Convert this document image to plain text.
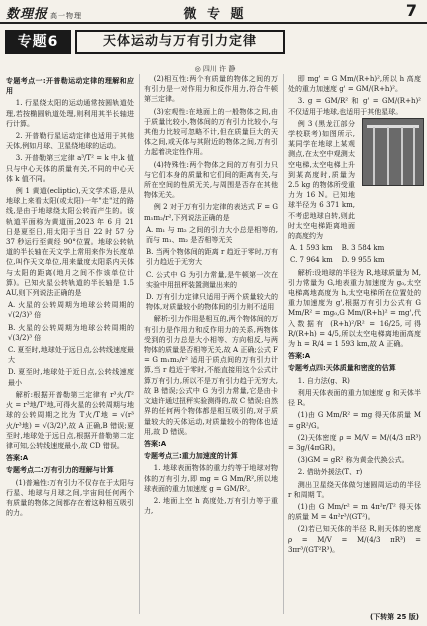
数理报 高一物理	微 专 题	7
专题6	天体运动与万有引力定律
◎ 四川 许 静

专题考点一:开普勒运动定律的理解和应用

1. 行星绕太阳的运动通常按圆轨道处理,若按椭圆轨道处理,则利用其半长轴进行计算。

2. 开普勒行星运动定律也适用于其他天体,例如月球、卫星绕地球的运动。

3. 开普勒第三定律 a³/T² = k 中,k 值只与中心天体的质量有关,不同的中心天体 k 值不同。

例 1 黄道(ecliptic),天文学术语,是从地球上来看太阳(或太阳)一年"走"过的路线,是由于地球绕太阳公转而产生的。该轨道平面称为黄道面,2023 年 6 月 21 日是夏至日,用太阳于当日 22 时 57 分 37 秒运行至黄经 90°位置。地球公转轨道的半长轴在天文学上常用来作为长度单位,叫作天文单位,用来量度太阳系内天体与太阳的距离(地月之间不作该单位计算)。已知火星公转轨道的半长轴是 1.5 AU,则下列说法正确的是

A. 火星的公转周期为地球公转周期的 √(2/3)³ 倍

B. 火星的公转周期为地球公转周期的 √(3/2)³ 倍

C. 夏至时,地球处于远日点,公转线速度最大

D. 夏至时,地球处于近日点,公转线速度最小

解析:根据开普勒第三定律有 r³火/T²火 = r³地/T²地,可得火星的公转周期与地球的公转周期之比为 T火/T地 = √(r³火/r³地) = √(3/2)³,故 A 正确,B 错误;夏至时,地球处于远日点,根据开普勒第二定律可知,公转线速度最小,故 CD 错误。

答案:A

专题考点二:万有引力的理解与计算

(1)普遍性:万有引力不仅存在于太阳与行星、地球与月球之间,宇宙间任何两个有质量的物体之间都存在着这种相互吸引的力。

(2)相互性:两个有质量的物体之间的万有引力是一对作用力和反作用力,符合牛顿第三定律。

(3)宏观性:在地面上的一般物体之间,由于质量比较小,物体间的万有引力比较小,与其他力比较可忽略不计,但在质量巨大的天体之间,或天体与其附近的物体之间,万有引力起着决定性作用。

(4)特殊性:两个物体之间的万有引力只与它们本身的质量和它们间的距离有关,与所在空间的性质无关,与周围是否存在其他物体无关。

例 2 对于万有引力定律的表达式 F = G m₁m₂/r²,下列说法正确的是

A. m₁ 与 m₂ 之间的引力大小总是相等的,而与 m₁、m₂ 是否相等无关

B. 当两个物体间的距离 r 趋近于零时,万有引力趋近于无穷大

C. 公式中 G 为引力常量,是牛顿第一次在实验中用扭秤装置测量出来的

D. 万有引力定律只适用于两个质量较大的物体,对质量较小的物体间的引力则不适用

解析:引力作用是相互的,两个物体间的万有引力是作用力和反作用力的关系,两物体受到的引力总是大小相等、方向相反,与两物体的质量是否相等无关,故 A 正确;公式 F = G m₁m₂/r² 适用于质点间的万有引力计算,当 r 趋近于零时,不能直接用这个公式计算万有引力,所以不是万有引力趋于无穷大,故 B 错误;公式中 G 为引力常量,它是由卡文迪许通过扭秤实验测得的,故 C 错误;自然界的任何两个物体都是相互吸引的,对于质量较大的天体运动,对质量较小的物体也适用,故 D 错误。

答案:A

专题考点三:重力加速度的计算

1. 地球表面物体的重力约等于地球对物体的万有引力,即 mg = G Mm/R²,所以地球表面的重力加速度 g = GM/R²。

2. 地面上空 h 高度处,万有引力等于重力,

即 mg' = G Mm/(R+h)²,所以 h 高度处的重力加速度 g' = GM/(R+h)²。

3. g = GM/R² 和 g' = GM/(R+h)² 不仅适用于地球,也适用于其他星球。

例 3 (黑龙江部分学校联考)如图所示,某同学在地球上某观测点,在太空中观测太空电梯,太空电梯上升到某高度时,质量为 2.5 kg 的物体所受重力为 16 N。已知地球半径为 6 371 km,不考虑地球自转,则此时太空电梯距离地面的高度约为

A. 1 593 km B. 3 584 km

C. 7 964 km D. 9 955 km

解析:设地球的半径为 R,地球质量为 M,引力常量为 G,地表重力加速度为 g₀,太空电梯离地高度为 h,太空电梯所在位置处的重力加速度为 g',根据万有引力公式有 G Mm/R² = mg₀,G Mm/(R+h)² = mg',代入数据有 (R+h)²/R² = 16/25,可得 R/(R+h) = 4/5,所以太空电梯离地面高度为 h = R/4 = 1 593 km,故 A 正确。

答案:A

专题考点四:天体质量和密度的估算

1. 自力法(g、R)

利用天体表面的重力加速度 g 和天体半径 R。

(1)由 G Mm/R² = mg 得天体质量 M = gR²/G。

(2)天体密度 ρ = M/V = M/(4/3 πR³) = 3g/(4πGR)。

(3)GM = gR² 称为黄金代换公式。

2. 借助外援法(T、r)

测出卫星绕天体做匀速圆周运动的半径 r 和周期 T。

(1)由 G Mm/r² = m 4π²r/T² 得天体的质量 M = 4π²r³/(GT²)。

(2)若已知天体的半径 R,则天体的密度 ρ = M/V = M/(4/3 πR³) = 3πr³/(GT²R³)。

(下转第 25 版)
